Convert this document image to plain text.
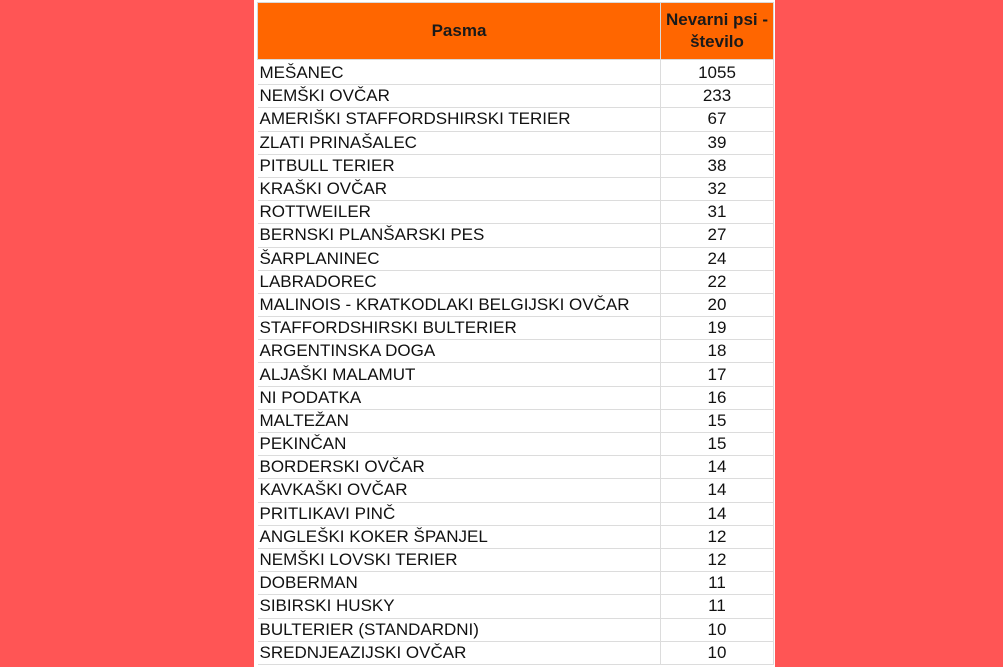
Pasma	Nevarni psi -
število

MEŠANEC	1055
NEMŠKI OVČAR	233
AMERIŠKI STAFFORDSHIRSKI TERIER	67
ZLATI PRINAŠALEC	39
PITBULL TERIER	38
KRAŠKI OVČAR	32
ROTTWEILER	31
BERNSKI PLANŠARSKI PES	27
ŠARPLANINEC	24
LABRADOREC	22
MALINOIS - KRATKODLAKI BELGIJSKI OVČAR	20
STAFFORDSHIRSKI BULTERIER	19
ARGENTINSKA DOGA	18
ALJAŠKI MALAMUT	17
NI PODATKA	16
MALTEŽAN	15
PEKINČAN	15
BORDERSKI OVČAR	14
KAVKAŠKI OVČAR	14
PRITLIKAVI PINČ	14
ANGLEŠKI KOKER ŠPANJEL	12
NEMŠKI LOVSKI TERIER	12
DOBERMAN	11
SIBIRSKI HUSKY	11
BULTERIER (STANDARDNI)	10
SREDNJEAZIJSKI OVČAR	10
